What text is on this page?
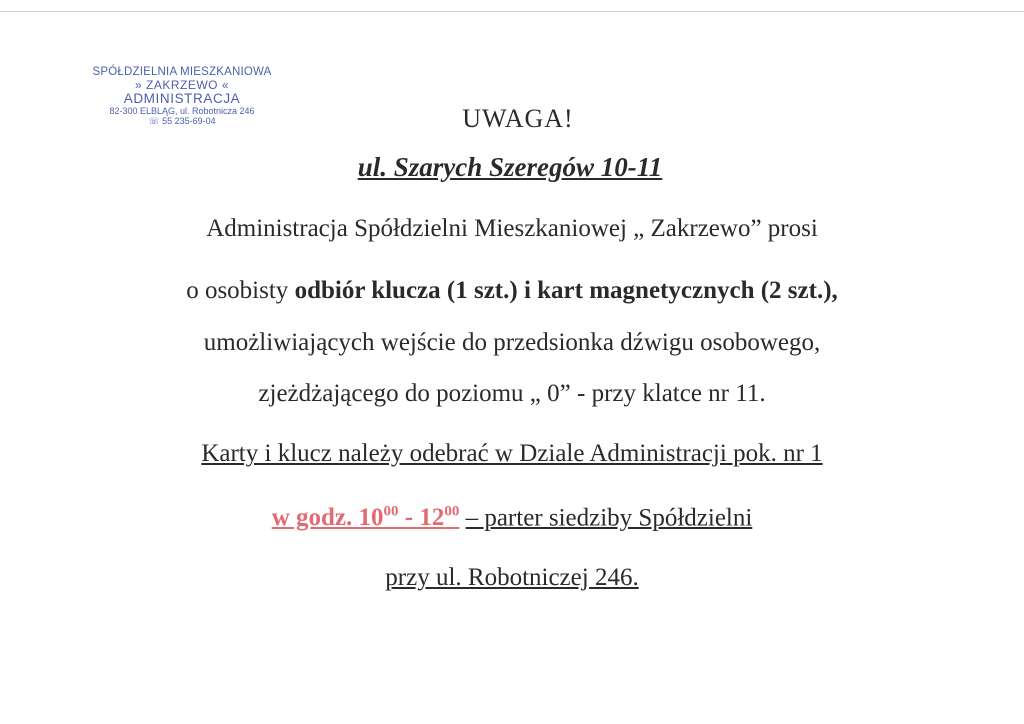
SPÓŁDZIELNIA MIESZKANIOWA
» ZAKRZEWO «
ADMINISTRACJA
82-300 ELBLĄG, ul. Robotnicza 246
☏ 55 235-69-04	UWAGA!
ul. Szarych Szeregów 10-11
Administracja Spółdzielni Mieszkaniowej „ Zakrzewo” prosi
o osobisty odbiór klucza (1 szt.) i kart magnetycznych (2 szt.),
umożliwiających wejście do przedsionka dźwigu osobowego,
zjeżdżającego do poziomu „ 0” - przy klatce nr 11.
Karty i klucz należy odebrać w Dziale Administracji pok. nr 1
w godz. $10^{00} - 12^{00}$ – parter siedziby Spółdzielni
przy ul. Robotniczej 246.
